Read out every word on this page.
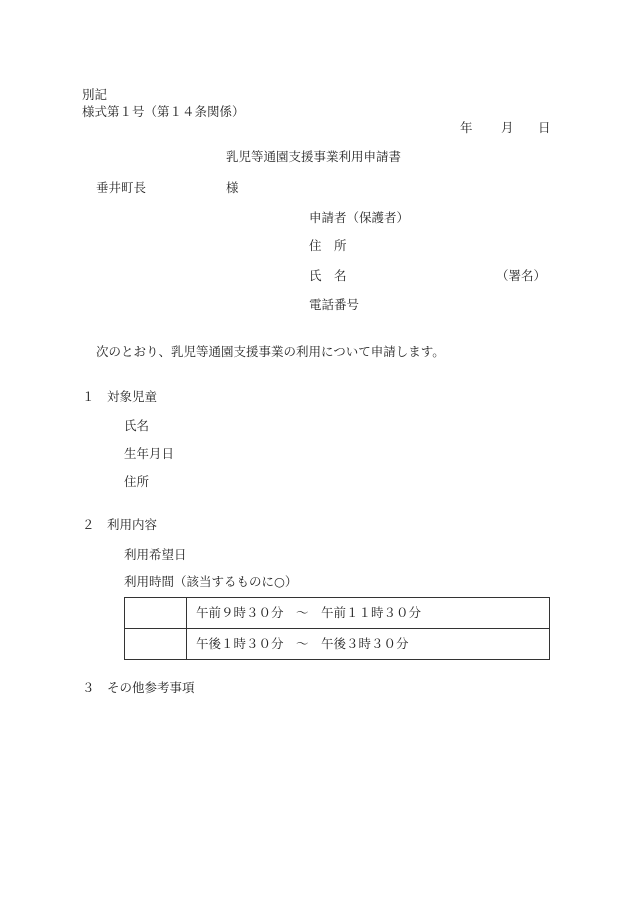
別記
様式第１号（第１４条関係）
年 月 日
乳児等通園支援事業利用申請書
垂井町長	様
申請者（保護者）
住　所
氏　名	（署名）
電話番号
次のとおり、乳児等通園支援事業の利用について申請します。
１　対象児童
氏名
生年月日
住所
２　利用内容
利用希望日
利用時間（該当するものに○）
	午前９時３０分　～　午前１１時３０分
	午後１時３０分　～　午後３時３０分
３　その他参考事項
